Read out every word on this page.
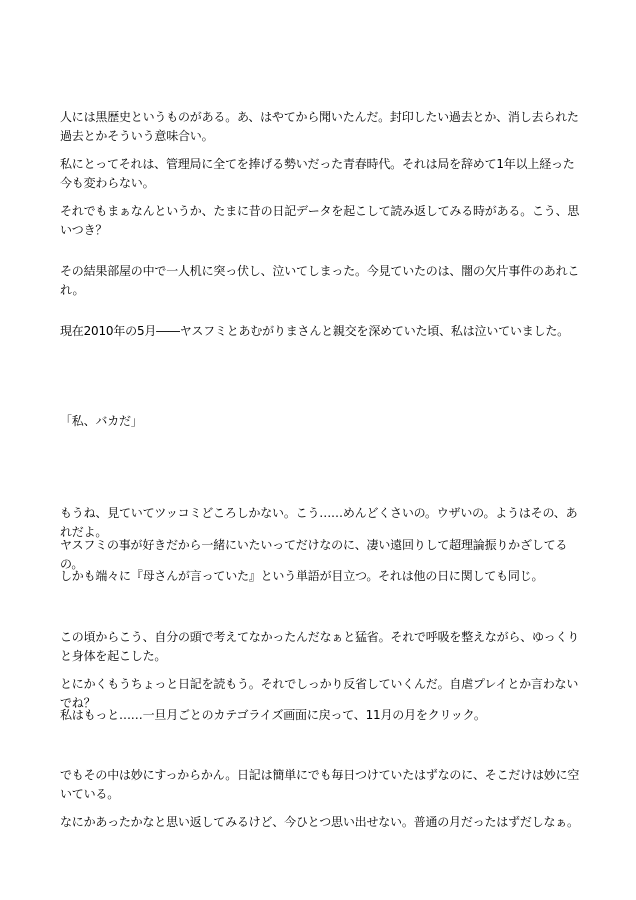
人には黒歴史というものがある。あ、はやてから聞いたんだ。封印したい過去とか、消し去られた過去とかそういう意味合い。

私にとってそれは、管理局に全てを捧げる勢いだった青春時代。それは局を辞めて1年以上経った今も変わらない。

それでもまぁなんというか、たまに昔の日記データを起こして読み返してみる時がある。こう、思いつき？

その結果部屋の中で一人机に突っ伏し、泣いてしまった。今見ていたのは、闇の欠片事件のあれこれ。

現在2010年の5月――ヤスフミとあむがりまさんと親交を深めていた頃、私は泣いていました。

「私、バカだ」

もうね、見ていてツッコミどころしかない。こう……めんどくさいの。ウザいの。ようはその、あれだよ。

ヤスフミの事が好きだから一緒にいたいってだけなのに、凄い遠回りして超理論振りかざしてるの。

しかも端々に『母さんが言っていた』という単語が目立つ。それは他の日に関しても同じ。

この頃からこう、自分の頭で考えてなかったんだなぁと猛省。それで呼吸を整えながら、ゆっくりと身体を起こした。

とにかくもうちょっと日記を読もう。それでしっかり反省していくんだ。自虐プレイとか言わないでね？

私はもっと……一旦月ごとのカテゴライズ画面に戻って、11月の月をクリック。

でもその中は妙にすっからかん。日記は簡単にでも毎日つけていたはずなのに、そこだけは妙に空いている。

なにかあったかなと思い返してみるけど、今ひとつ思い出せない。普通の月だったはずだしなぁ。
